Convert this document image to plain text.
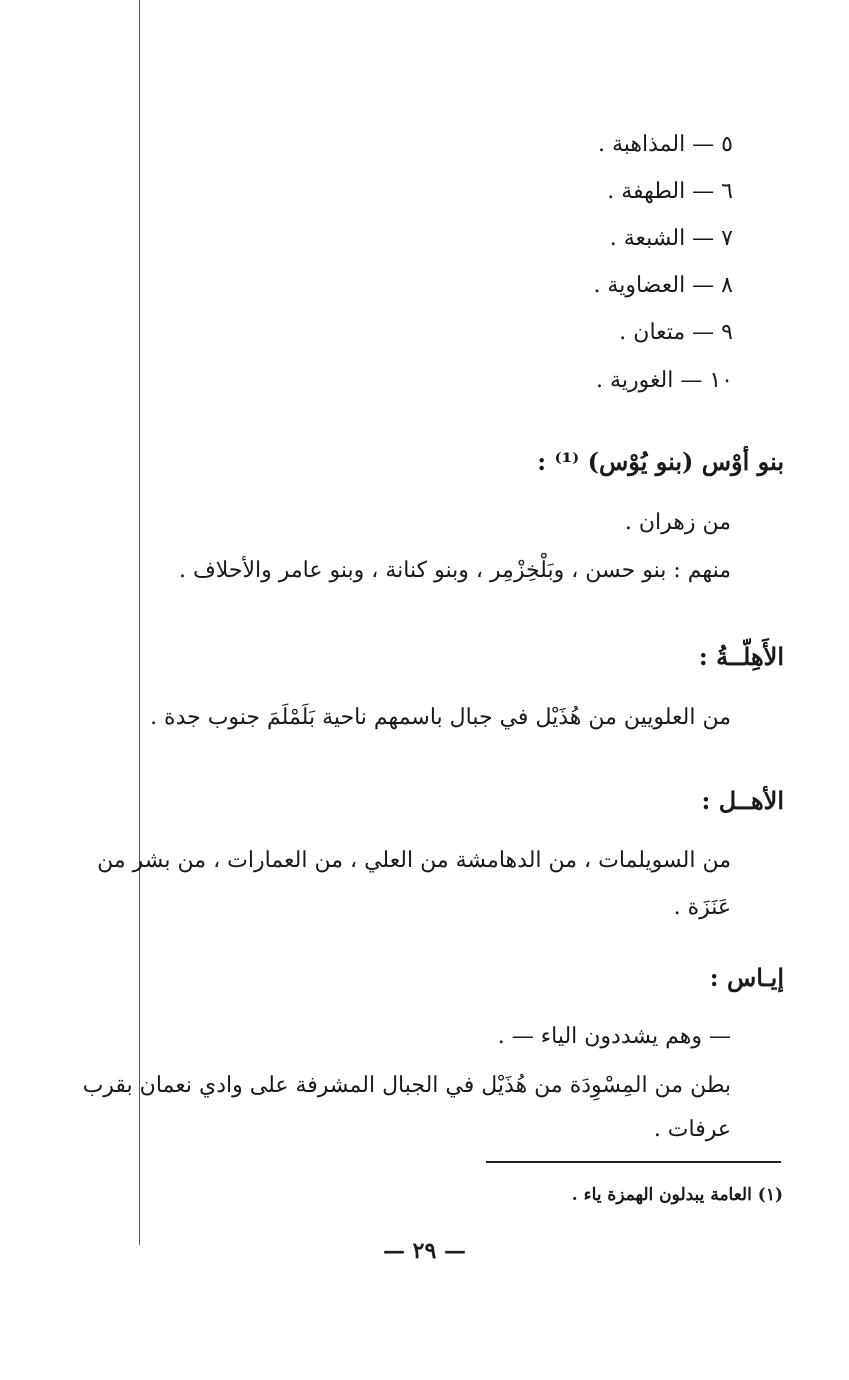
٥ — المذاهبة .
٦ — الطهفة .
٧ — الشبعة .
٨ — العضاوية .
٩ — متعان .
١٠ — الغورية .
بنو أوْس (بنو يُوْس) ⁽¹⁾ :
من زهران .
منهم : بنو حسن ، وبَلْخِزْمِر ، وبنو كنانة ، وبنو عامر والأحلاف .
الأَهِلّــةُ :
من العلويين من هُذَيْل في جبال باسمهم ناحية بَلَمْلَمَ جنوب جدة .
الأهــل :
من السويلمات ، من الدهامشة من العلي ، من العمارات ، من بشر من
عَنَزَة .
إيـاس :
— وهم يشددون الياء — .
بطن من المِسْوِدَة من هُذَيْل في الجبال المشرفة على وادي نعمان بقرب
عرفات .
(١) العامة يبدلون الهمزة ياء .
— ٢٩ —
